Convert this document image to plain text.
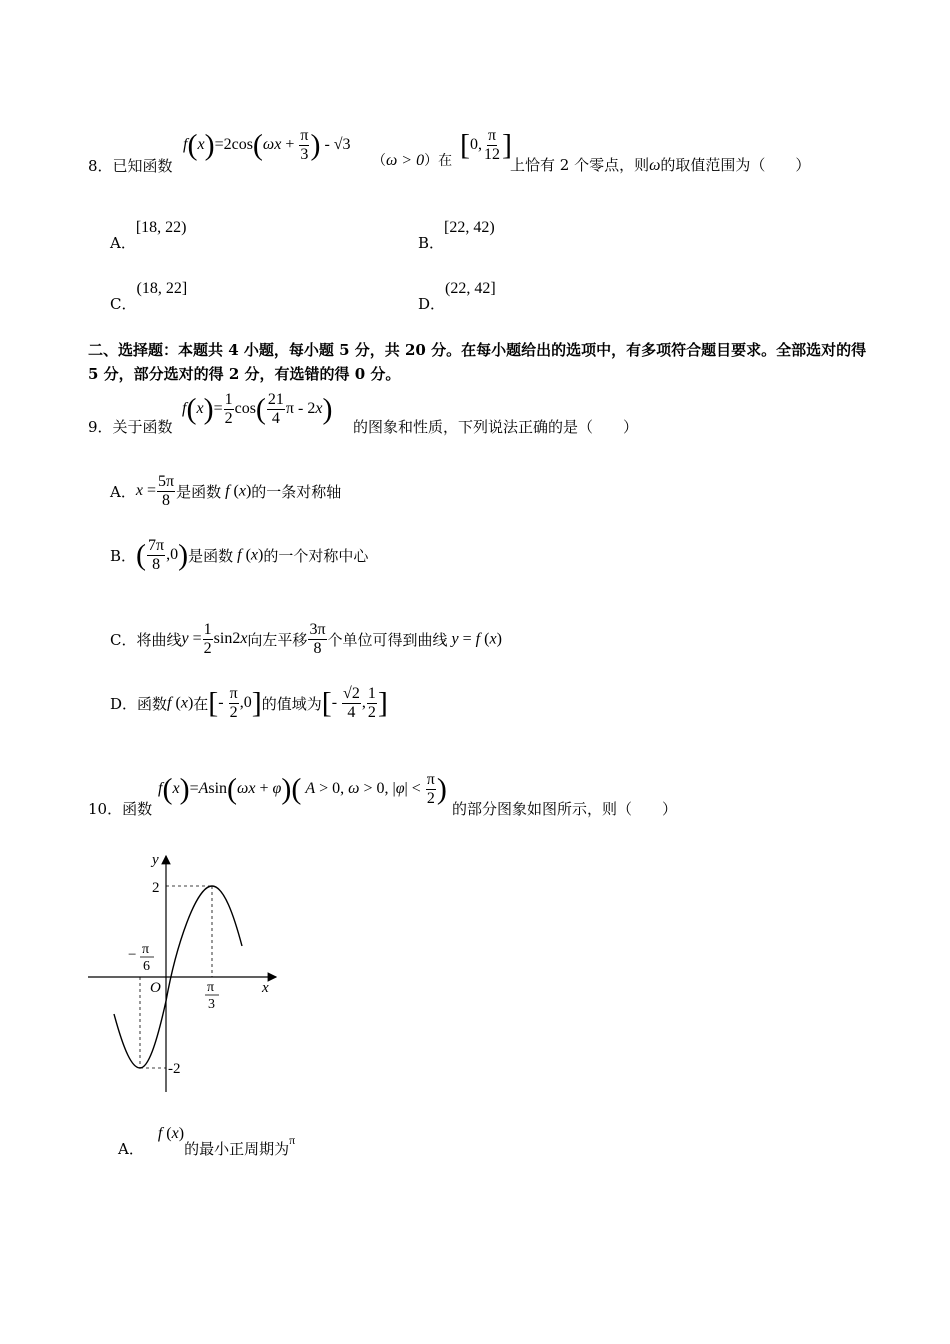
8．已知函数
$f(x)=2\cos(\omega x + \frac{\pi}{3}$ ) - √3
（ω > 0）在 [0, $\frac{\pi}{12}$ ]
上恰有 2 个零点，则ω的取值范围为（　　）
A．[18, 22)
B．[22, 42)
C．(18, 22]
D．(22, 42]
二、选择题：本题共 4 小题，每小题 5 分，共 20 分。在每小题给出的选项中，有多项符合题目要求。全部选对的得 5 分，部分选对的得 2 分，有选错的得 0 分。
9．关于函数
$f(x)= \frac{1}{2} \cos( \frac{21}{4}$ π - 2x)
的图象和性质，下列说法正确的是（　　）
A．$x = \frac{5\pi}{8}$ 是函数 f (x)的一条对称轴
B．( $\frac{7\pi}{8} ,0$)是函数 f (x)的一个对称中心
C．将曲线$y = \frac{1}{2} \sin 2x$向左平移 $\frac{3\pi}{8}$ 个单位可得到曲线 y = f (x)
D．函数f (x)在[- $\frac{\pi}{2} ,0$]的值域为[- $\frac{√2}{4}$ , $\frac{1}{2}$ ]
10．函数
f(x)=Asin(ωx + φ)( A > 0, ω > 0, $|\varphi| < \frac{\pi}{2}$ )
的部分图象如图所示，则（　　）
y
x
O
2
-2
− π
6
π
3
A．f (x)的最小正周期为$_\pi$
